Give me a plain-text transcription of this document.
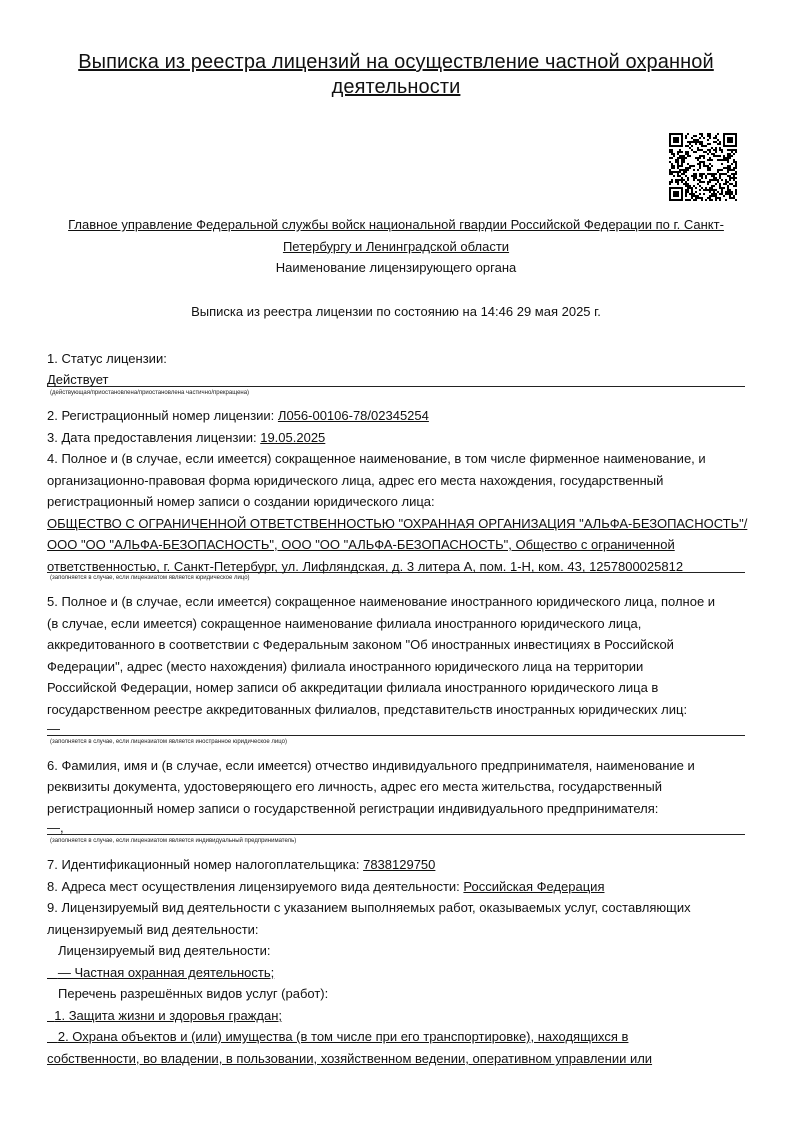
Выписка из реестра лицензий на осуществление частной охранной деятельности
Главное управление Федеральной службы войск национальной гвардии Российской Федерации по г. Санкт-
Петербургу и Ленинградской области
Наименование лицензирующего органа
Выписка из реестра лицензии по состоянию на 14:46 29 мая 2025 г.
1. Статус лицензии:
Действует
(действующая/приостановлена/приостановлена частично/прекращена)
2. Регистрационный номер лицензии: Л056-00106-78/02345254
3. Дата предоставления лицензии: 19.05.2025
4. Полное и (в случае, если имеется) сокращенное наименование, в том числе фирменное наименование, и
организационно-правовая форма юридического лица, адрес его места нахождения, государственный
регистрационный номер записи о создании юридического лица:
ОБЩЕСТВО С ОГРАНИЧЕННОЙ ОТВЕТСТВЕННОСТЬЮ "ОХРАННАЯ ОРГАНИЗАЦИЯ "АЛЬФА-БЕЗОПАСНОСТЬ"/
ООО "ОО "АЛЬФА-БЕЗОПАСНОСТЬ", ООО "ОО "АЛЬФА-БЕЗОПАСНОСТЬ", Общество с ограниченной
ответственностью, г. Санкт-Петербург, ул. Лифляндская, д. 3 литера А, пом. 1-Н, ком. 43, 1257800025812
(заполняется в случае, если лицензиатом является юридическое лицо)
5. Полное и (в случае, если имеется) сокращенное наименование иностранного юридического лица, полное и
(в случае, если имеется) сокращенное наименование филиала иностранного юридического лица,
аккредитованного в соответствии с Федеральным законом "Об иностранных инвестициях в Российской
Федерации", адрес (место нахождения) филиала иностранного юридического лица на территории
Российской Федерации, номер записи об аккредитации филиала иностранного юридического лица в
государственном реестре аккредитованных филиалов, представительств иностранных юридических лиц:
—
(заполняется в случае, если лицензиатом является иностранное юридическое лицо)
6. Фамилия, имя и (в случае, если имеется) отчество индивидуального предпринимателя, наименование и
реквизиты документа, удостоверяющего его личность, адрес его места жительства, государственный
регистрационный номер записи о государственной регистрации индивидуального предпринимателя:
—,
(заполняется в случае, если лицензиатом является индивидуальный предприниматель)
7. Идентификационный номер налогоплательщика: 7838129750
8. Адреса мест осуществления лицензируемого вида деятельности: Российская Федерация
9. Лицензируемый вид деятельности с указанием выполняемых работ, оказываемых услуг, составляющих
лицензируемый вид деятельности:
Лицензируемый вид деятельности:
— Частная охранная деятельность;
Перечень разрешённых видов услуг (работ):
1. Защита жизни и здоровья граждан;
2. Охрана объектов и (или) имущества (в том числе при его транспортировке), находящихся в
собственности, во владении, в пользовании, хозяйственном ведении, оперативном управлении или
